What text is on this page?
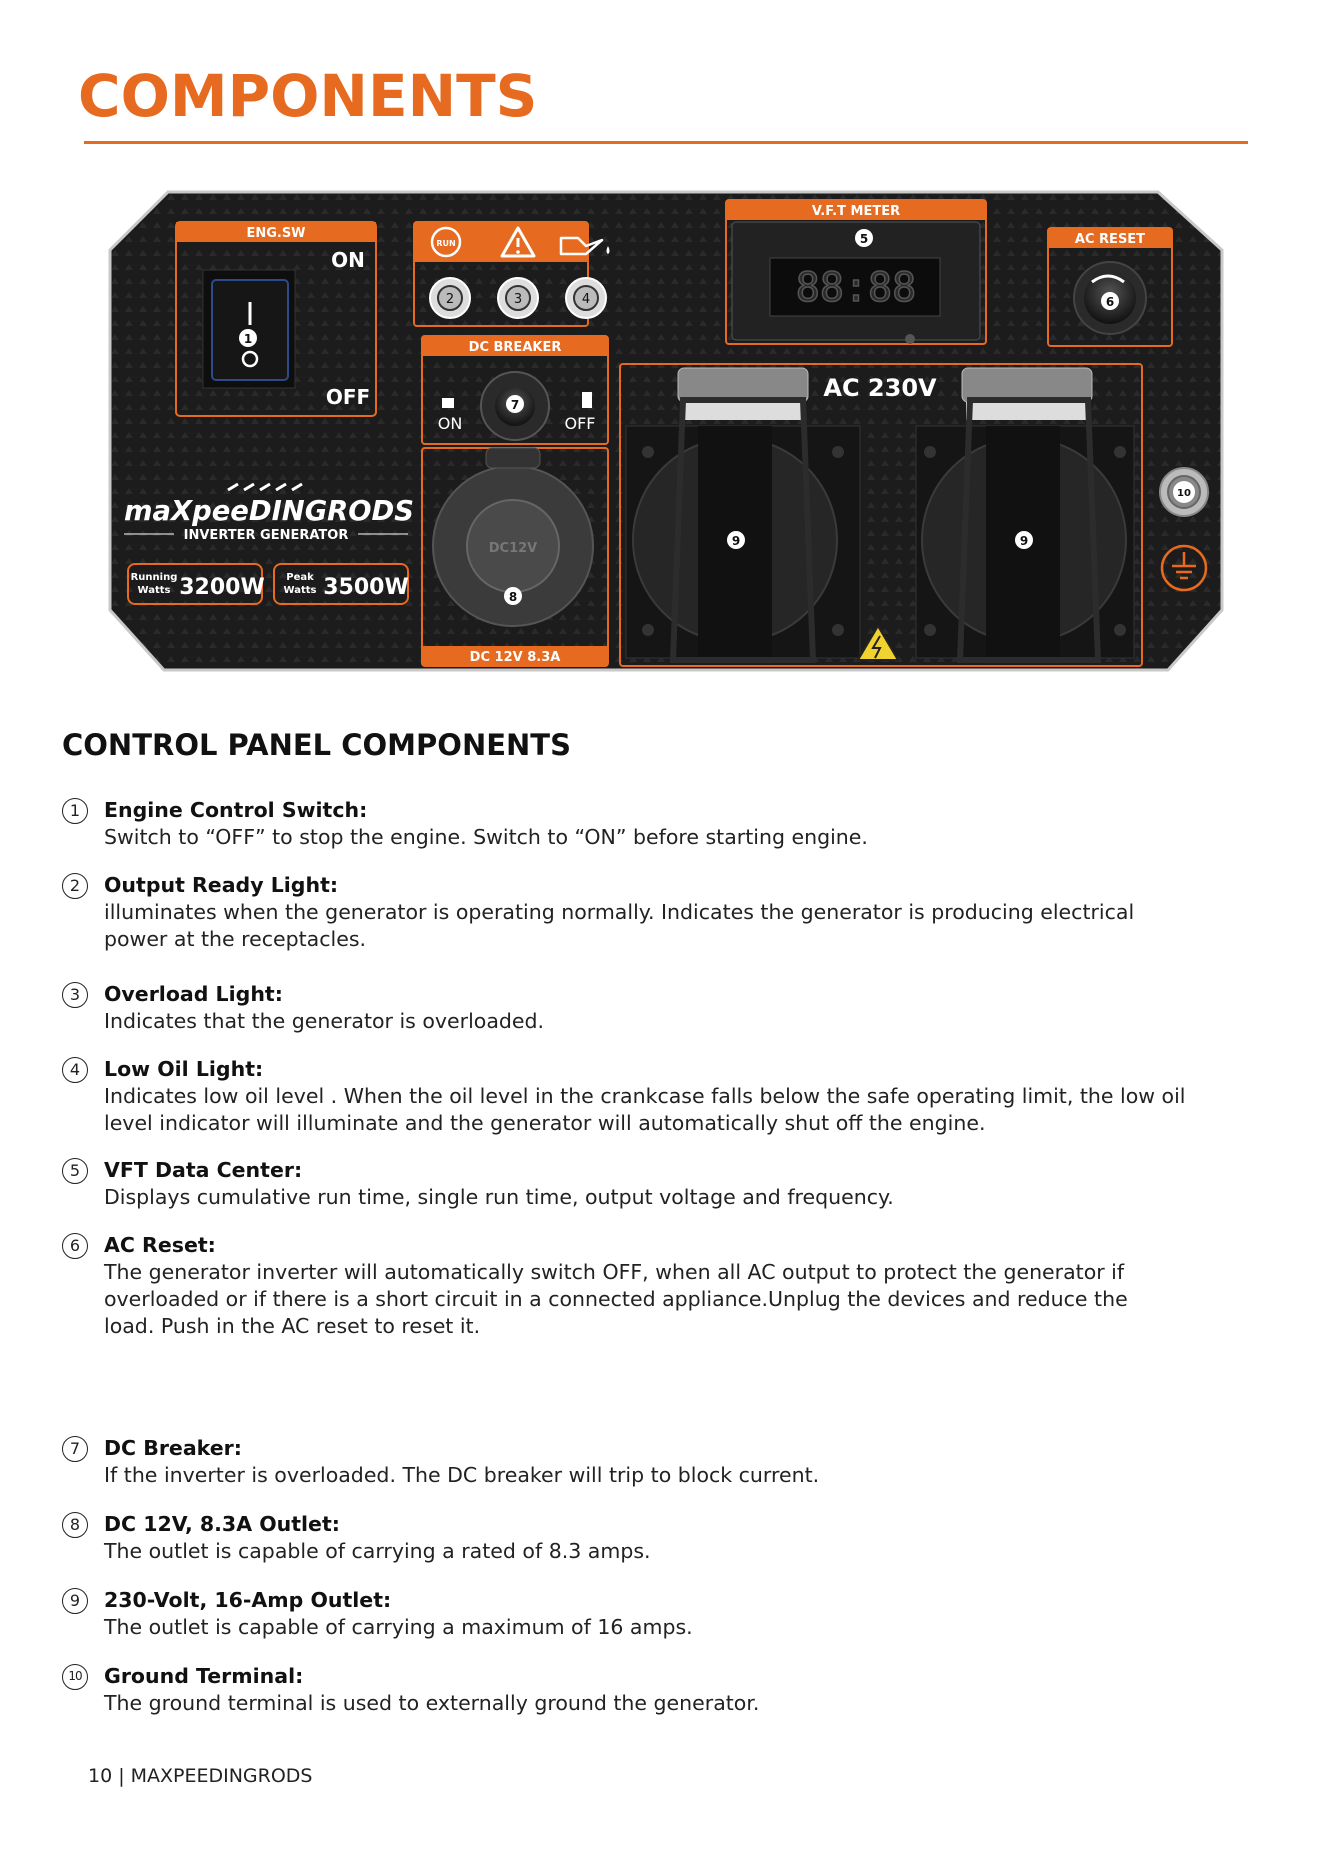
COMPONENTS
ENG.SW
ON
OFF
1
RUN
2	3	4
V.F.T METER
5
88:88
AC RESET
6
DC BREAKER
7
ON	OFF
DC 12V 8.3A
DC12V
8
AC 230V
9	9
10
maXpeeDINGRODS
INVERTER GENERATOR
Running
Watts 3200W Peak
Watts 3500W
CONTROL PANEL COMPONENTS
1	Engine Control Switch:
Switch to “OFF” to stop the engine. Switch to “ON” before starting engine.
2	Output Ready Light:
illuminates when the generator is operating normally. Indicates the generator is producing electrical
power at the receptacles.
3	Overload Light:
Indicates that the generator is overloaded.
4	Low Oil Light:
Indicates low oil level . When the oil level in the crankcase falls below the safe operating limit, the low oil
level indicator will illuminate and the generator will automatically shut off the engine.
5	VFT Data Center:
Displays cumulative run time, single run time, output voltage and frequency.
6	AC Reset:
The generator inverter will automatically switch OFF, when all AC output to protect the generator if
overloaded or if there is a short circuit in a connected appliance.Unplug the devices and reduce the
load. Push in the AC reset to reset it.
7	DC Breaker:
If the inverter is overloaded. The DC breaker will trip to block current.
8	DC 12V, 8.3A Outlet:
The outlet is capable of carrying a rated of 8.3 amps.
9	230-Volt, 16-Amp Outlet:
The outlet is capable of carrying a maximum of 16 amps.
10	Ground Terminal:
The ground terminal is used to externally ground the generator.
10 | MAXPEEDINGRODS
